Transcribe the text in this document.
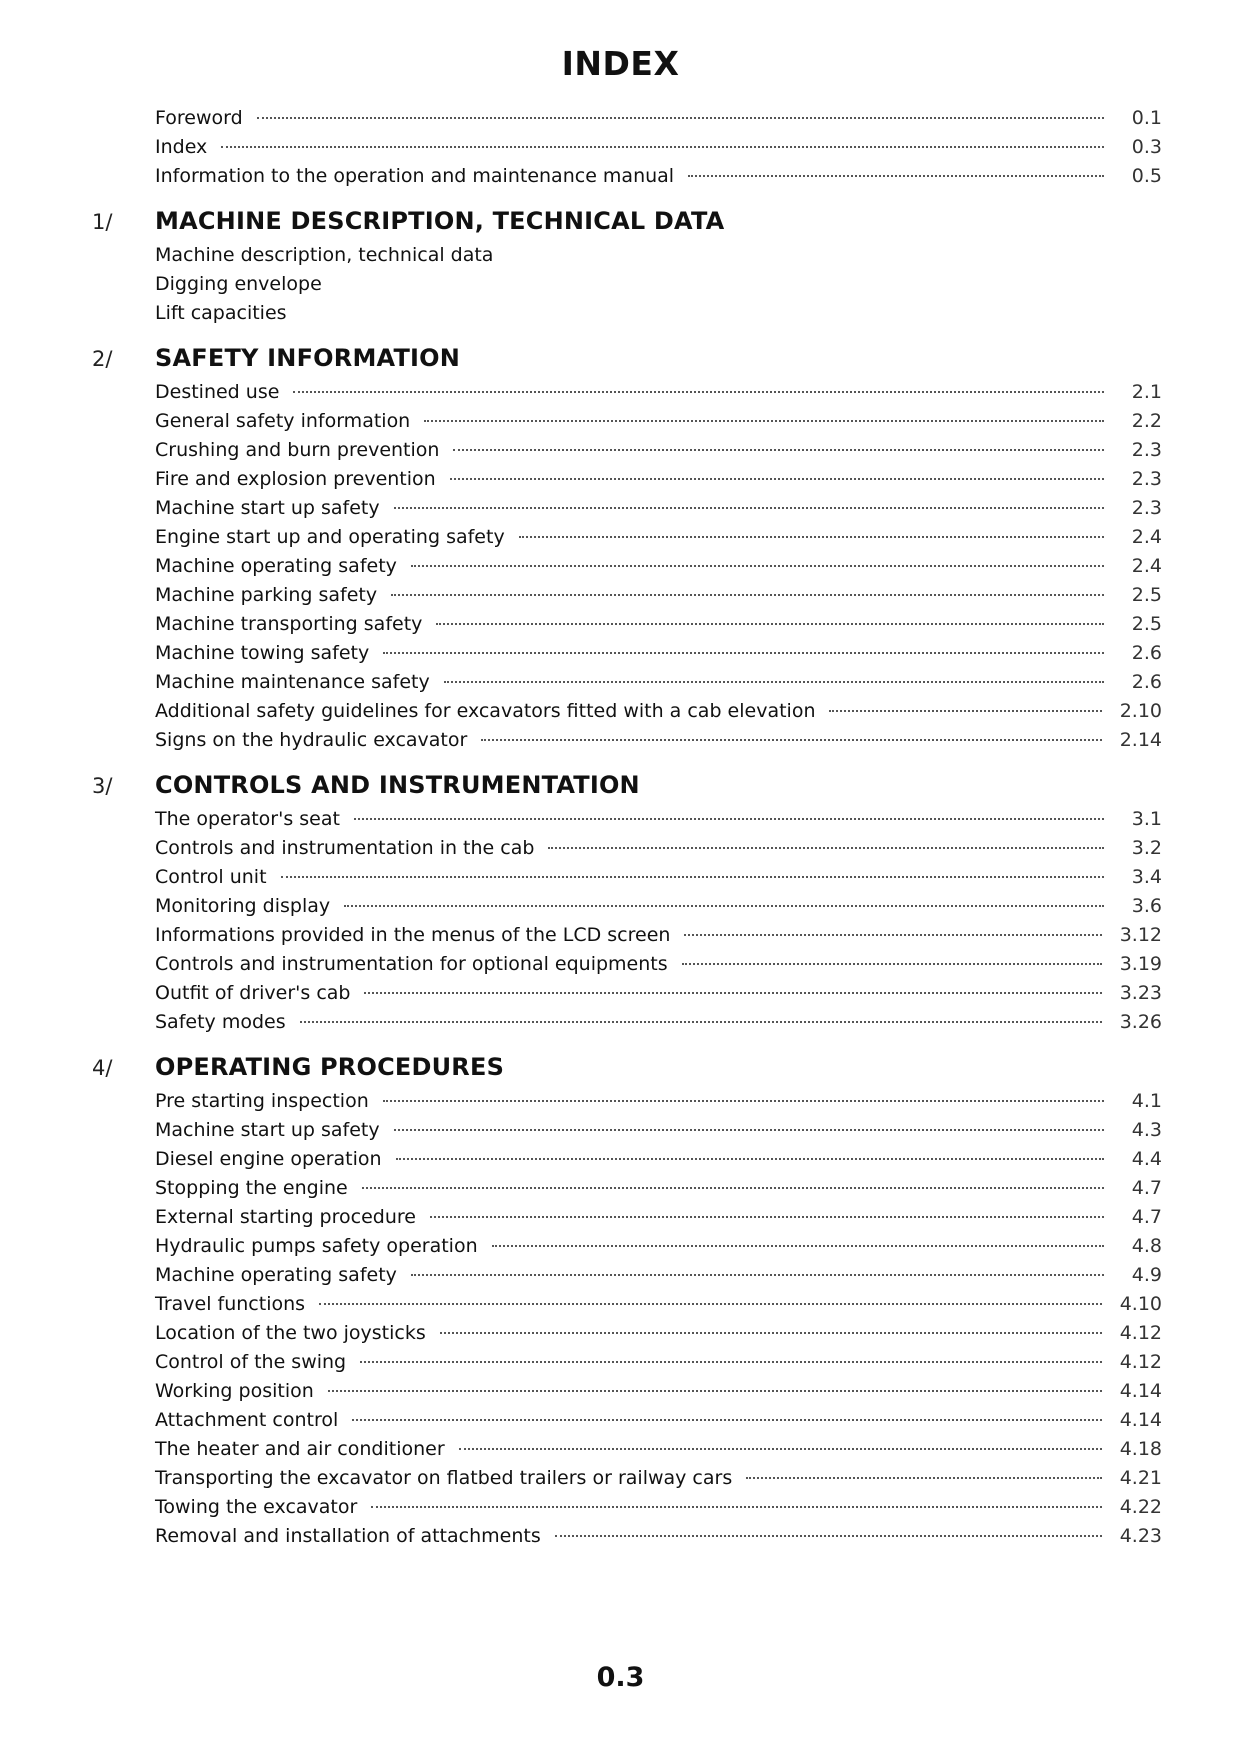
INDEX
Foreword	0.1
Index	0.3
Information to the operation and maintenance manual	0.5
1/	MACHINE DESCRIPTION, TECHNICAL DATA
Machine description, technical data
Digging envelope
Lift capacities
2/	SAFETY INFORMATION
Destined use	2.1
General safety information	2.2
Crushing and burn prevention	2.3
Fire and explosion prevention	2.3
Machine start up safety	2.3
Engine start up and operating safety	2.4
Machine operating safety	2.4
Machine parking safety	2.5
Machine transporting safety	2.5
Machine towing safety	2.6
Machine maintenance safety	2.6
Additional safety guidelines for excavators fitted with a cab elevation	2.10
Signs on the hydraulic excavator	2.14
3/	CONTROLS AND INSTRUMENTATION
The operator's seat	3.1
Controls and instrumentation in the cab	3.2
Control unit	3.4
Monitoring display	3.6
Informations provided in the menus of the LCD screen	3.12
Controls and instrumentation for optional equipments	3.19
Outfit of driver's cab	3.23
Safety modes	3.26
4/	OPERATING PROCEDURES
Pre starting inspection	4.1
Machine start up safety	4.3
Diesel engine operation	4.4
Stopping the engine	4.7
External starting procedure	4.7
Hydraulic pumps safety operation	4.8
Machine operating safety	4.9
Travel functions	4.10
Location of the two joysticks	4.12
Control of the swing	4.12
Working position	4.14
Attachment control	4.14
The heater and air conditioner	4.18
Transporting the excavator on flatbed trailers or railway cars	4.21
Towing the excavator	4.22
Removal and installation of attachments	4.23
0.3
